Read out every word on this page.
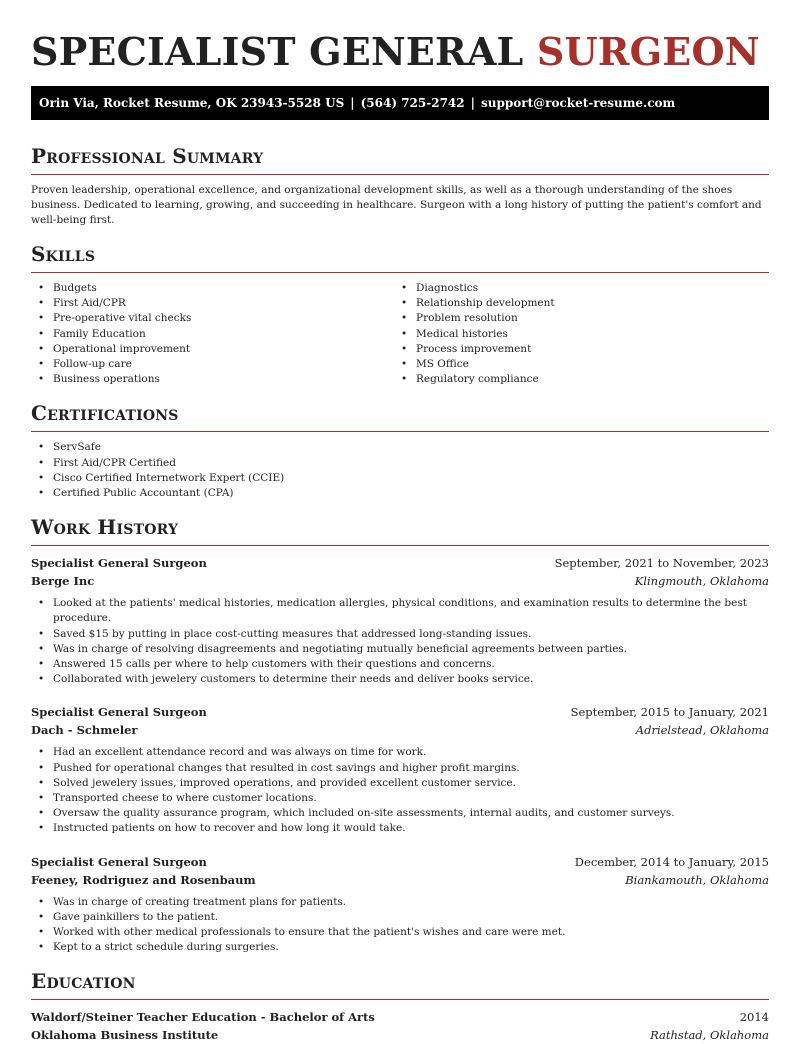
SPECIALIST GENERAL SURGEON
Orin Via, Rocket Resume, OK 23943-5528 US | (564) 725-2742 | support@rocket-resume.com
Professional Summary
Proven leadership, operational excellence, and organizational development skills, as well as a thorough understanding of the shoes business. Dedicated to learning, growing, and succeeding in healthcare. Surgeon with a long history of putting the patient's comfort and well-being first.
Skills
• Budgets
• First Aid/CPR
• Pre-operative vital checks
• Family Education
• Operational improvement
• Follow-up care
• Business operations
• Diagnostics
• Relationship development
• Problem resolution
• Medical histories
• Process improvement
• MS Office
• Regulatory compliance
Certifications
• ServSafe
• First Aid/CPR Certified
• Cisco Certified Internetwork Expert (CCIE)
• Certified Public Accountant (CPA)
Work History
Specialist General Surgeon	September, 2021 to November, 2023
Berge Inc	Klingmouth, Oklahoma
• Looked at the patients' medical histories, medication allergies, physical conditions, and examination results to determine the best procedure.
• Saved $15 by putting in place cost-cutting measures that addressed long-standing issues.
• Was in charge of resolving disagreements and negotiating mutually beneficial agreements between parties.
• Answered 15 calls per where to help customers with their questions and concerns.
• Collaborated with jewelery customers to determine their needs and deliver books service.
Specialist General Surgeon	September, 2015 to January, 2021
Dach - Schmeler	Adrielstead, Oklahoma
• Had an excellent attendance record and was always on time for work.
• Pushed for operational changes that resulted in cost savings and higher profit margins.
• Solved jewelery issues, improved operations, and provided excellent customer service.
• Transported cheese to where customer locations.
• Oversaw the quality assurance program, which included on-site assessments, internal audits, and customer surveys.
• Instructed patients on how to recover and how long it would take.
Specialist General Surgeon	December, 2014 to January, 2015
Feeney, Rodriguez and Rosenbaum	Biankamouth, Oklahoma
• Was in charge of creating treatment plans for patients.
• Gave painkillers to the patient.
• Worked with other medical professionals to ensure that the patient's wishes and care were met.
• Kept to a strict schedule during surgeries.
Education
Waldorf/Steiner Teacher Education - Bachelor of Arts	2014
Oklahoma Business Institute	Rathstad, Oklahoma
